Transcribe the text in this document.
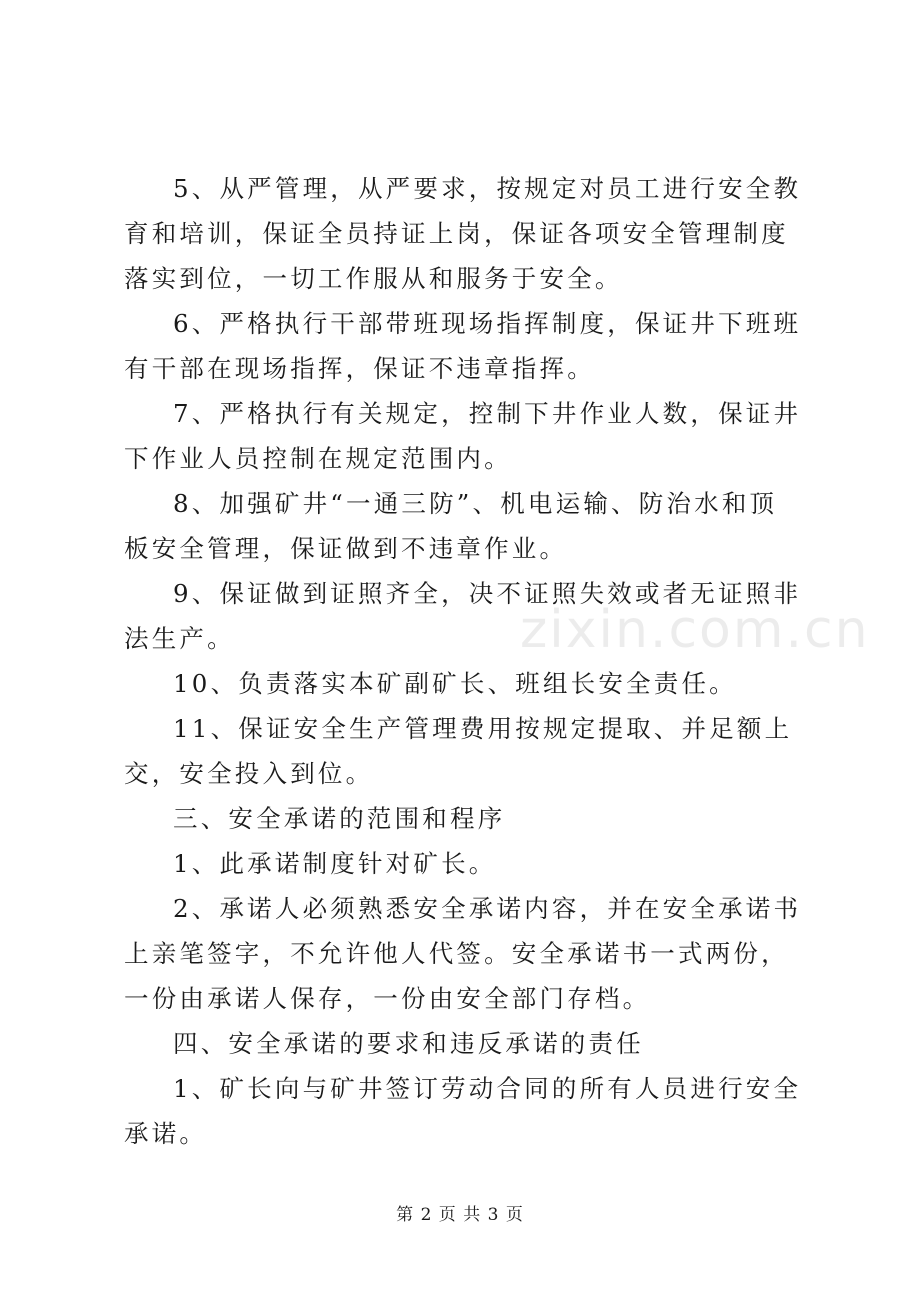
5、从严管理，从严要求，按规定对员工进行安全教育和培训，保证全员持证上岗，保证各项安全管理制度落实到位，一切工作服从和服务于安全。

6、严格执行干部带班现场指挥制度，保证井下班班有干部在现场指挥，保证不违章指挥。

7、严格执行有关规定，控制下井作业人数，保证井下作业人员控制在规定范围内。

8、加强矿井“一通三防”、机电运输、防治水和顶板安全管理，保证做到不违章作业。

9、保证做到证照齐全，决不证照失效或者无证照非法生产。

10、负责落实本矿副矿长、班组长安全责任。

11、保证安全生产管理费用按规定提取、并足额上交，安全投入到位。

三、安全承诺的范围和程序

1、此承诺制度针对矿长。

2、承诺人必须熟悉安全承诺内容，并在安全承诺书上亲笔签字，不允许他人代签。安全承诺书一式两份，一份由承诺人保存，一份由安全部门存档。

四、安全承诺的要求和违反承诺的责任

1、矿长向与矿井签订劳动合同的所有人员进行安全承诺。

zixin.com.cn
第 2 页 共 3 页
